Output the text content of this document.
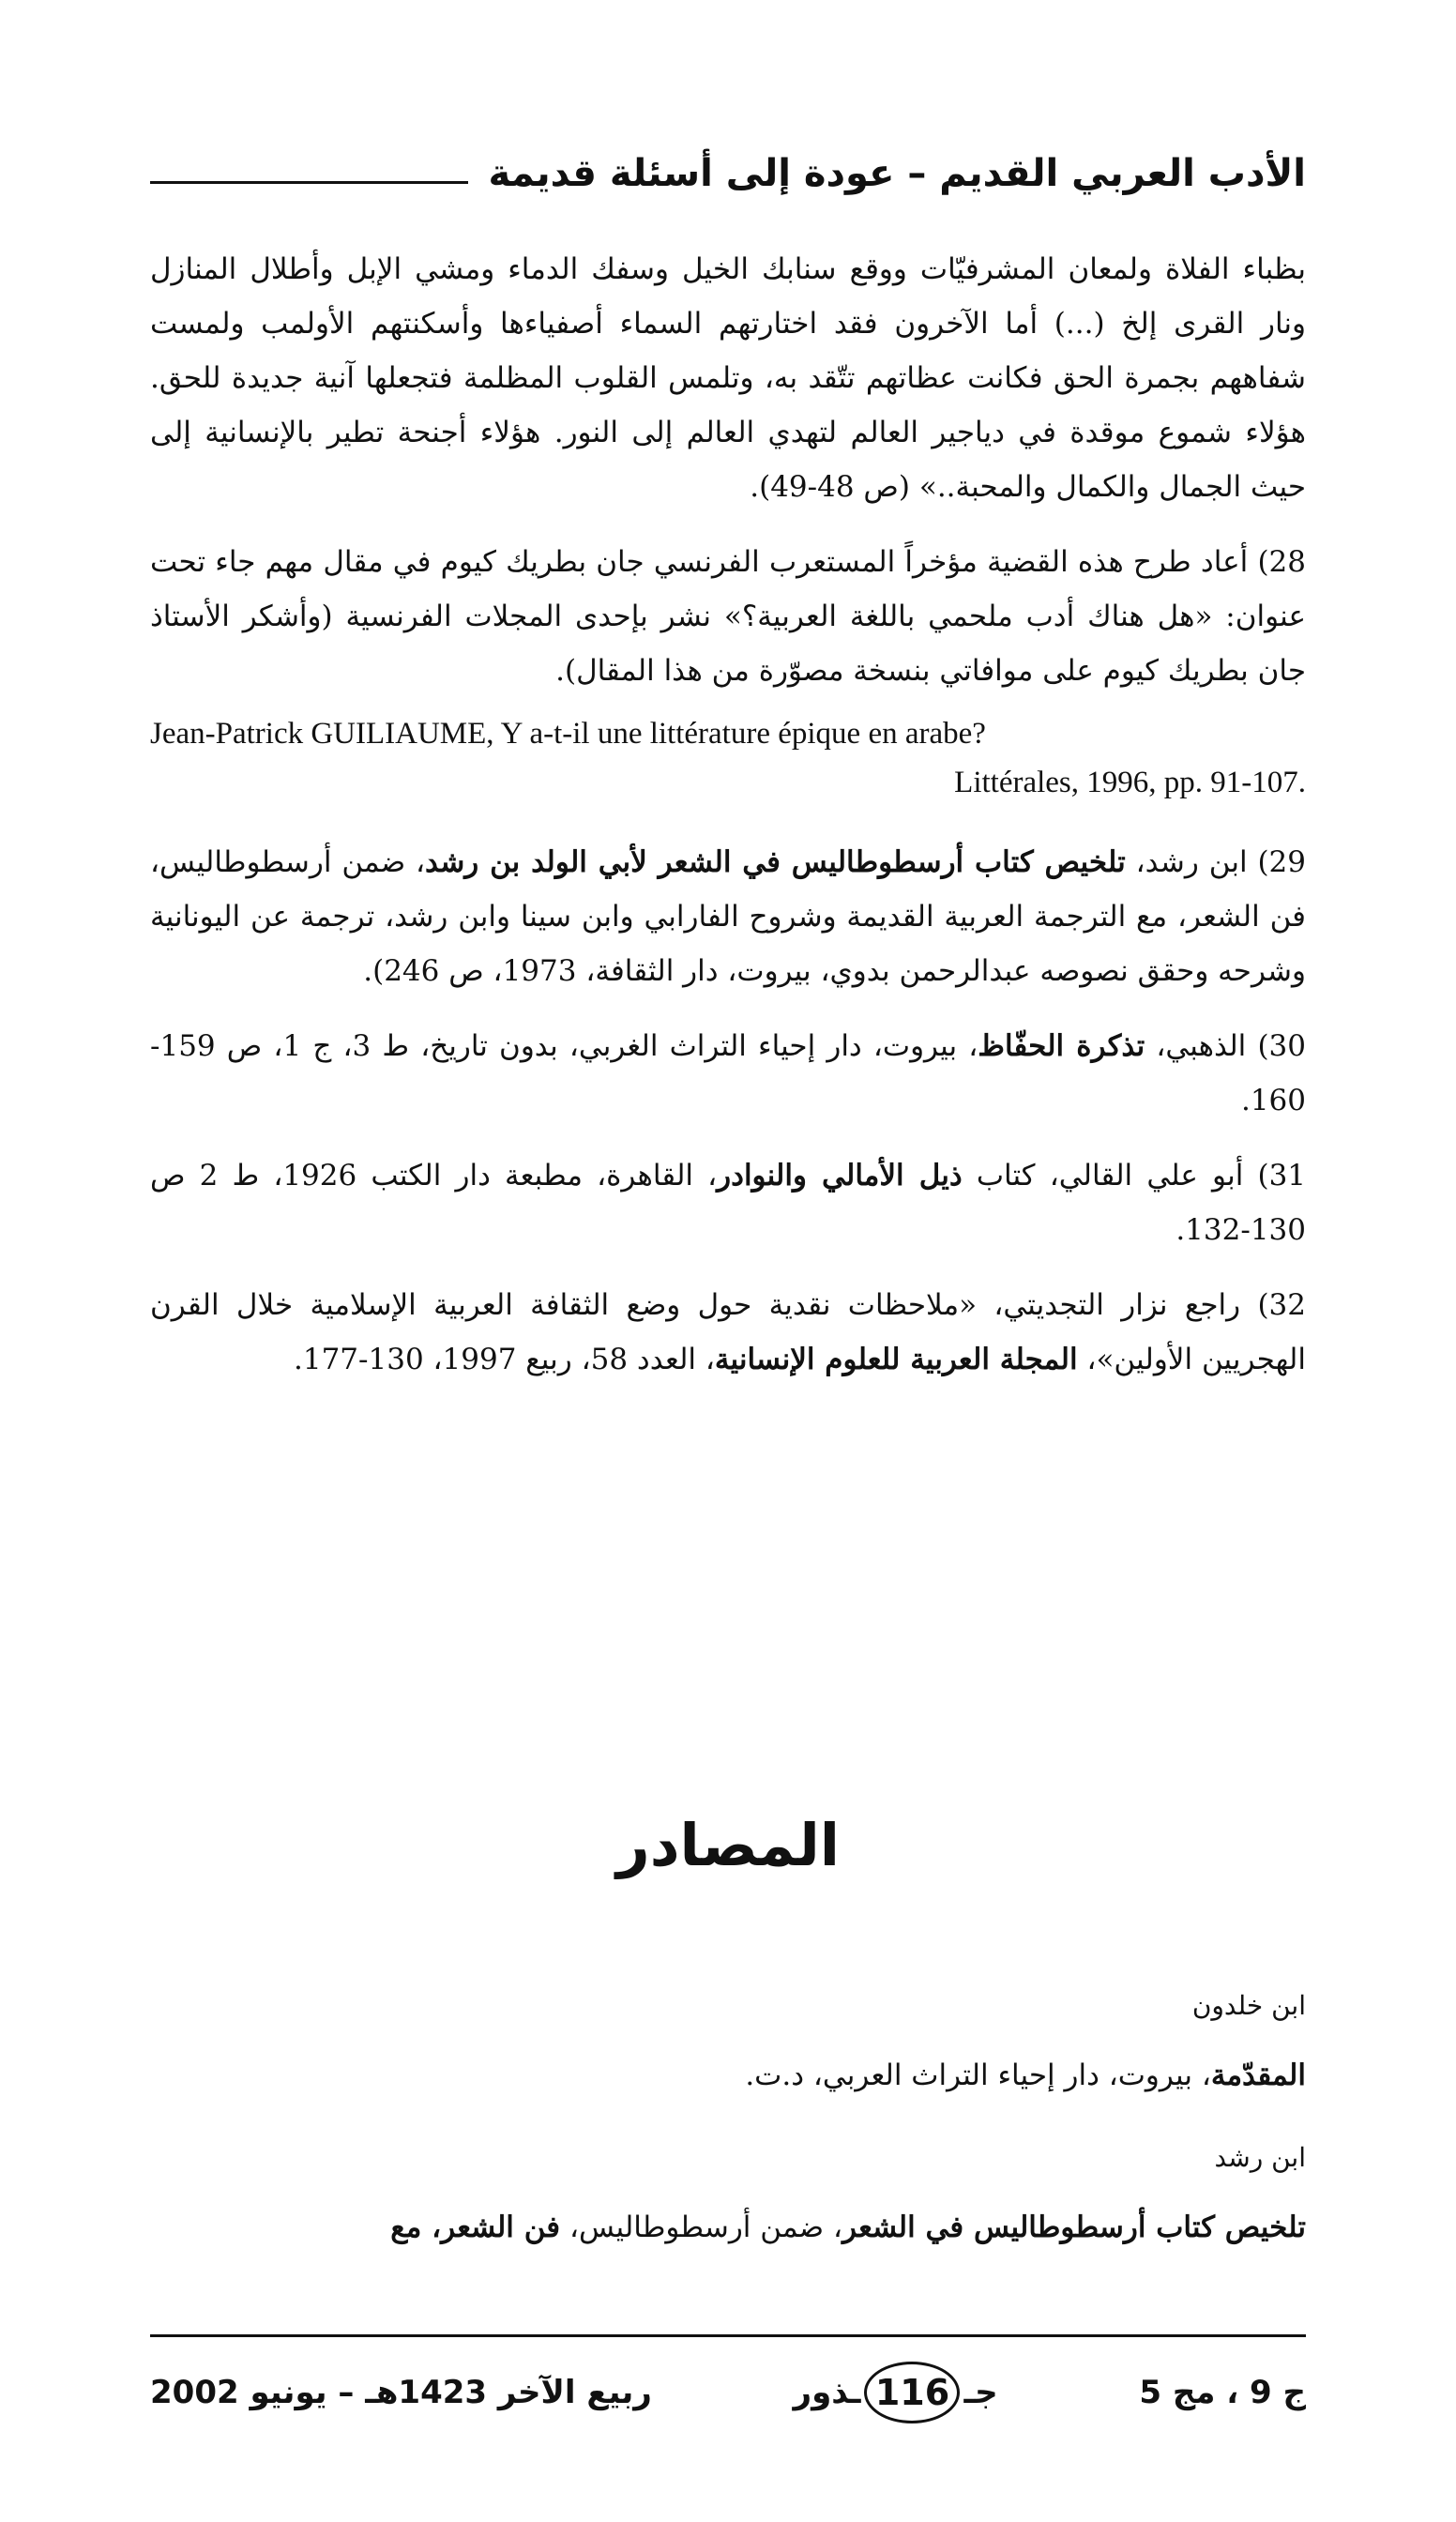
الأدب العربي القديم – عودة إلى أسئلة قديمة

بظباء الفلاة ولمعان المشرفيّات ووقع سنابك الخيل وسفك الدماء ومشي الإبل وأطلال المنازل ونار القرى إلخ (...) أما الآخرون فقد اختارتهم السماء أصفياءها وأسكنتهم الأولمب ولمست شفاههم بجمرة الحق فكانت عظاتهم تتّقد به، وتلمس القلوب المظلمة فتجعلها آنية جديدة للحق. هؤلاء شموع موقدة في دياجير العالم لتهدي العالم إلى النور. هؤلاء أجنحة تطير بالإنسانية إلى حيث الجمال والكمال والمحبة..» (ص 48-49).

28) أعاد طرح هذه القضية مؤخراً المستعرب الفرنسي جان بطريك كيوم في مقال مهم جاء تحت عنوان: «هل هناك أدب ملحمي باللغة العربية؟» نشر بإحدى المجلات الفرنسية (وأشكر الأستاذ جان بطريك كيوم على موافاتي بنسخة مصوّرة من هذا المقال).

Jean-Patrick GUILIAUME, Y a-t-il une littérature épique en arabe?
Littérales, 1996, pp. 91-107.

29) ابن رشد، تلخيص كتاب أرسطوطاليس في الشعر لأبي الولد بن رشد، ضمن أرسطوطاليس، فن الشعر، مع الترجمة العربية القديمة وشروح الفارابي وابن سينا وابن رشد، ترجمة عن اليونانية وشرحه وحقق نصوصه عبدالرحمن بدوي، بيروت، دار الثقافة، 1973، ص 246).

30) الذهبي، تذكرة الحفّاظ، بيروت، دار إحياء التراث الغربي، بدون تاريخ، ط 3، ج 1، ص 159-160.

31) أبو علي القالي، كتاب ذيل الأمالي والنوادر، القاهرة، مطبعة دار الكتب 1926، ط 2 ص 130-132.

32) راجع نزار التجديتي، «ملاحظات نقدية حول وضع الثقافة العربية الإسلامية خلال القرن الهجريين الأولين»، المجلة العربية للعلوم الإنسانية، العدد 58، ربيع 1997، 130-177.

المصادر

ابن خلدون

المقدّمة، بيروت، دار إحياء التراث العربي، د.ت.

ابن رشد

تلخيص كتاب أرسطوطاليس في الشعر، ضمن أرسطوطاليس، فن الشعر، مع

ربيع الآخر 1423هـ – يونيو 2002	جـ
116
ـذور	ج 9 ، مج 5
